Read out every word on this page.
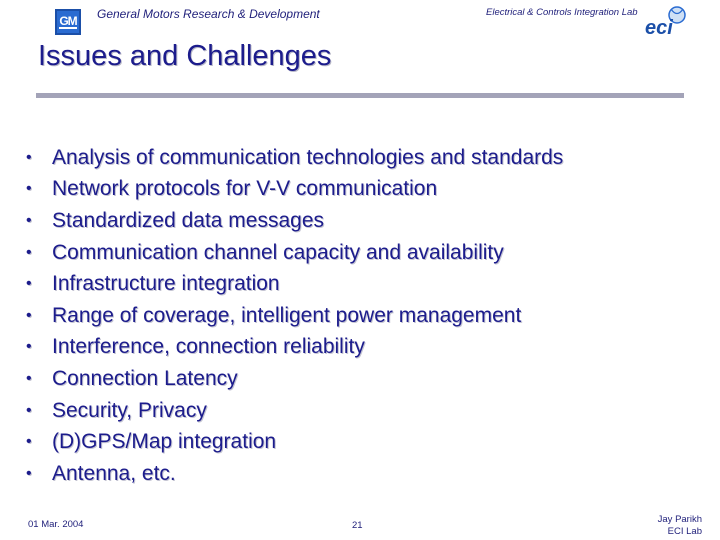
GM General Motors Research & Development	Electrical & Controls Integration Lab
eci
Issues and Challenges
• Analysis of communication technologies and standards
• Network protocols for V-V communication
• Standardized data messages
• Communication channel capacity and availability
• Infrastructure integration
• Range of coverage, intelligent power management
• Interference, connection reliability
• Connection Latency
• Security, Privacy
• (D)GPS/Map integration
• Antenna, etc.
01 Mar. 2004	21
Jay Parikh
ECI Lab
